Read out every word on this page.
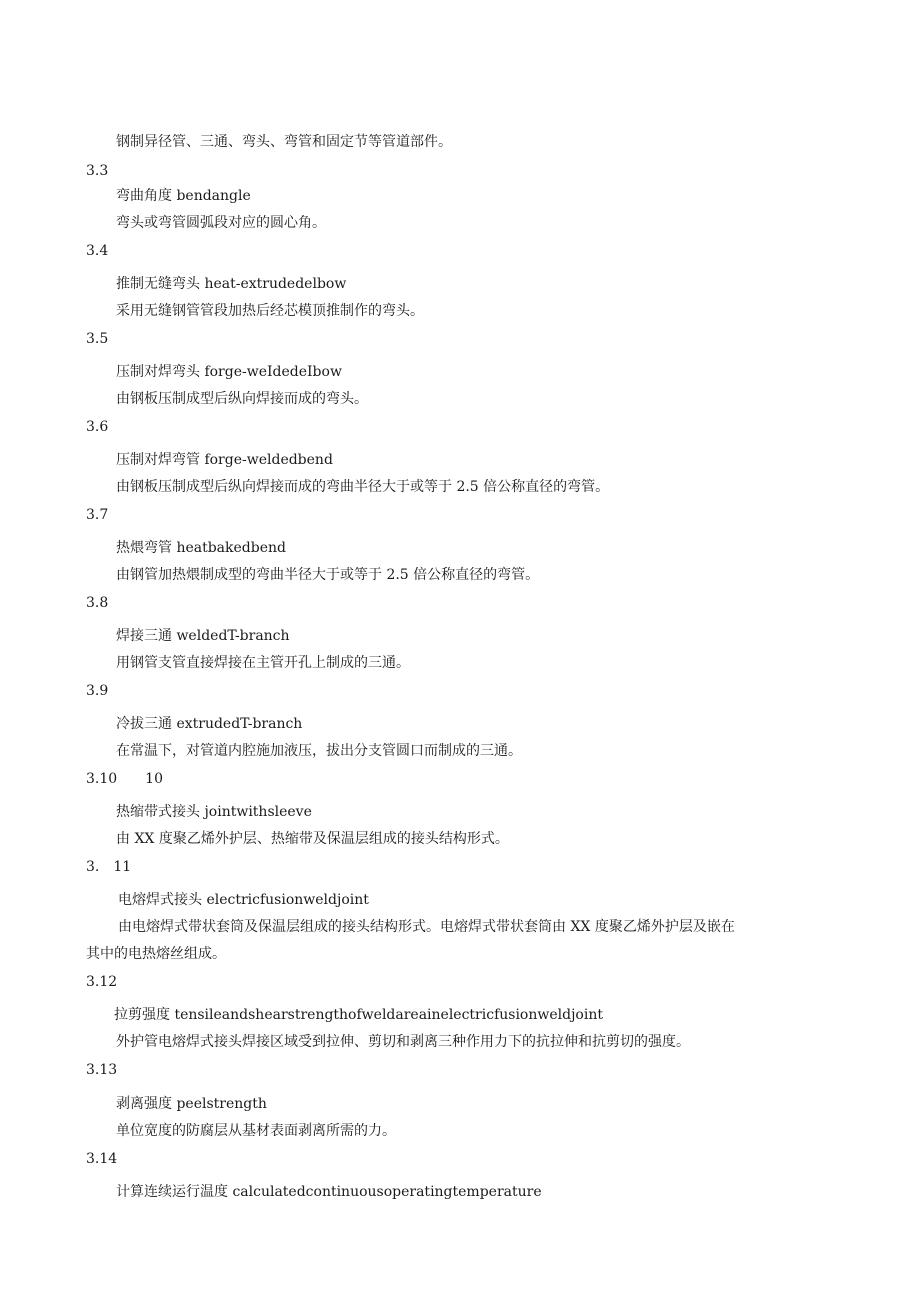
钢制异径管、三通、弯头、弯管和固定节等管道部件。
3.3
弯曲角度 bendangle
弯头或弯管圆弧段对应的圆心角。
3.4
推制无缝弯头 heat-extrudedelbow
采用无缝钢管管段加热后经芯模顶推制作的弯头。
3.5
压制对焊弯头 forge-weIdedeIbow
由钢板压制成型后纵向焊接而成的弯头。
3.6
压制对焊弯管 forge-weldedbend
由钢板压制成型后纵向焊接而成的弯曲半径大于或等于 2.5 倍公称直径的弯管。
3.7
热煨弯管 heatbakedbend
由钢管加热煨制成型的弯曲半径大于或等于 2.5 倍公称直径的弯管。
3.8
焊接三通 weldedT-branch
用钢管支管直接焊接在主管开孔上制成的三通。
3.9
冷拔三通 extrudedT-branch
在常温下，对管道内腔施加液压，拔出分支管圆口而制成的三通。
3.10　　10
热缩带式接头 jointwithsleeve
由 XX 度聚乙烯外护层、热缩带及保温层组成的接头结构形式。
3.　11
电熔焊式接头 electricfusionweldjoint
由电熔焊式带状套筒及保温层组成的接头结构形式。电熔焊式带状套筒由 XX 度聚乙烯外护层及嵌在
其中的电热熔丝组成。
3.12
拉剪强度 tensileandshearstrengthofweldareainelectricfusionweldjoint
外护管电熔焊式接头焊接区域受到拉伸、剪切和剥离三种作用力下的抗拉伸和抗剪切的强度。
3.13
剥离强度 peelstrength
单位宽度的防腐层从基材表面剥离所需的力。
3.14
计算连续运行温度 calculatedcontinuousoperatingtemperature
